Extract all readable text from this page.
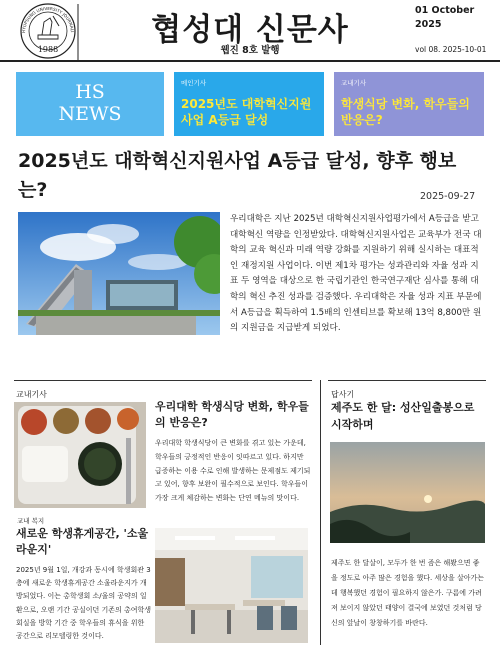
1988
HYUPSUNG UNIVERSITY JOURNALI	협성대 신문사
웹진 8호 발행
01 October
2025
vol 08. 2025-10-01
HS
NEWS
메인기사
2025년도 대학혁신지원사업 A등급 달성
교내기사
학생식당 변화, 학우들의 반응은?
2025년도 대학혁신지원사업 A등급 달성, 향후 행보는?	2025-09-27
우리대학은 지난 2025년 대학혁신지원사업평가에서 A등급을 받고 대학혁신 역량을 인정받았다. 대학혁신지원사업은 교육부가 전국 대학의 교육 혁신과 미래 역량 강화를 지원하기 위해 실시하는 대표적인 재정지원 사업이다. 이번 제1차 평가는 성과관리와 자율 성과 지표 두 영역을 대상으로 한 국립기관인 한국연구재단 심사를 통해 대학의 혁신 추진 성과를 검증했다. 우리대학은 자율 성과 지표 부문에서 A등급을 획득하여 1.5배의 인센티브를 확보해 13억 8,800만 원의 지원금을 지급받게 되었다.
교내기사	답사기
우리대학 학생식당 변화, 학우들의 반응은?
우리대학 학생식당이 큰 변화를 겪고 있는 가운데, 학우들의 긍정적인 반응이 잇따르고 있다. 하지만 급증하는 이용 수로 인해 발생하는 문제점도 제기되고 있어, 향후 보완이 필수적으로 보인다. 학우들이 가장 크게 체감하는 변화는 단연 메뉴의 맛이다.
교내 복지
새로운 학생휴게공간, '소울라운지'
2025년 9월 1일, 개강과 동시에 학생회관 3층에 새로운 학생휴게공간 소울라운지가 개방되었다. 이는 총학생회 소/울의 공약의 일환으로, 오랜 기간 공실이던 기존의 총여학생회실을 방학 기간 중 학우들의 휴식을 위한 공간으로 리모델링한 것이다.
제주도 한 달: 성산일출봉으로 시작하며
제주도 한 달살이, 모두가 한 번 즘은 해봤으면 좋을 정도로 아주 많은 경험을 했다. 세상을 살아가는데 행복했던 경험이 필요하지 않은가. 구름에 가려져 보이지 않았던 태양이 결국에 보였던 것처럼 당신의 앞날이 창창하기를 바란다.
